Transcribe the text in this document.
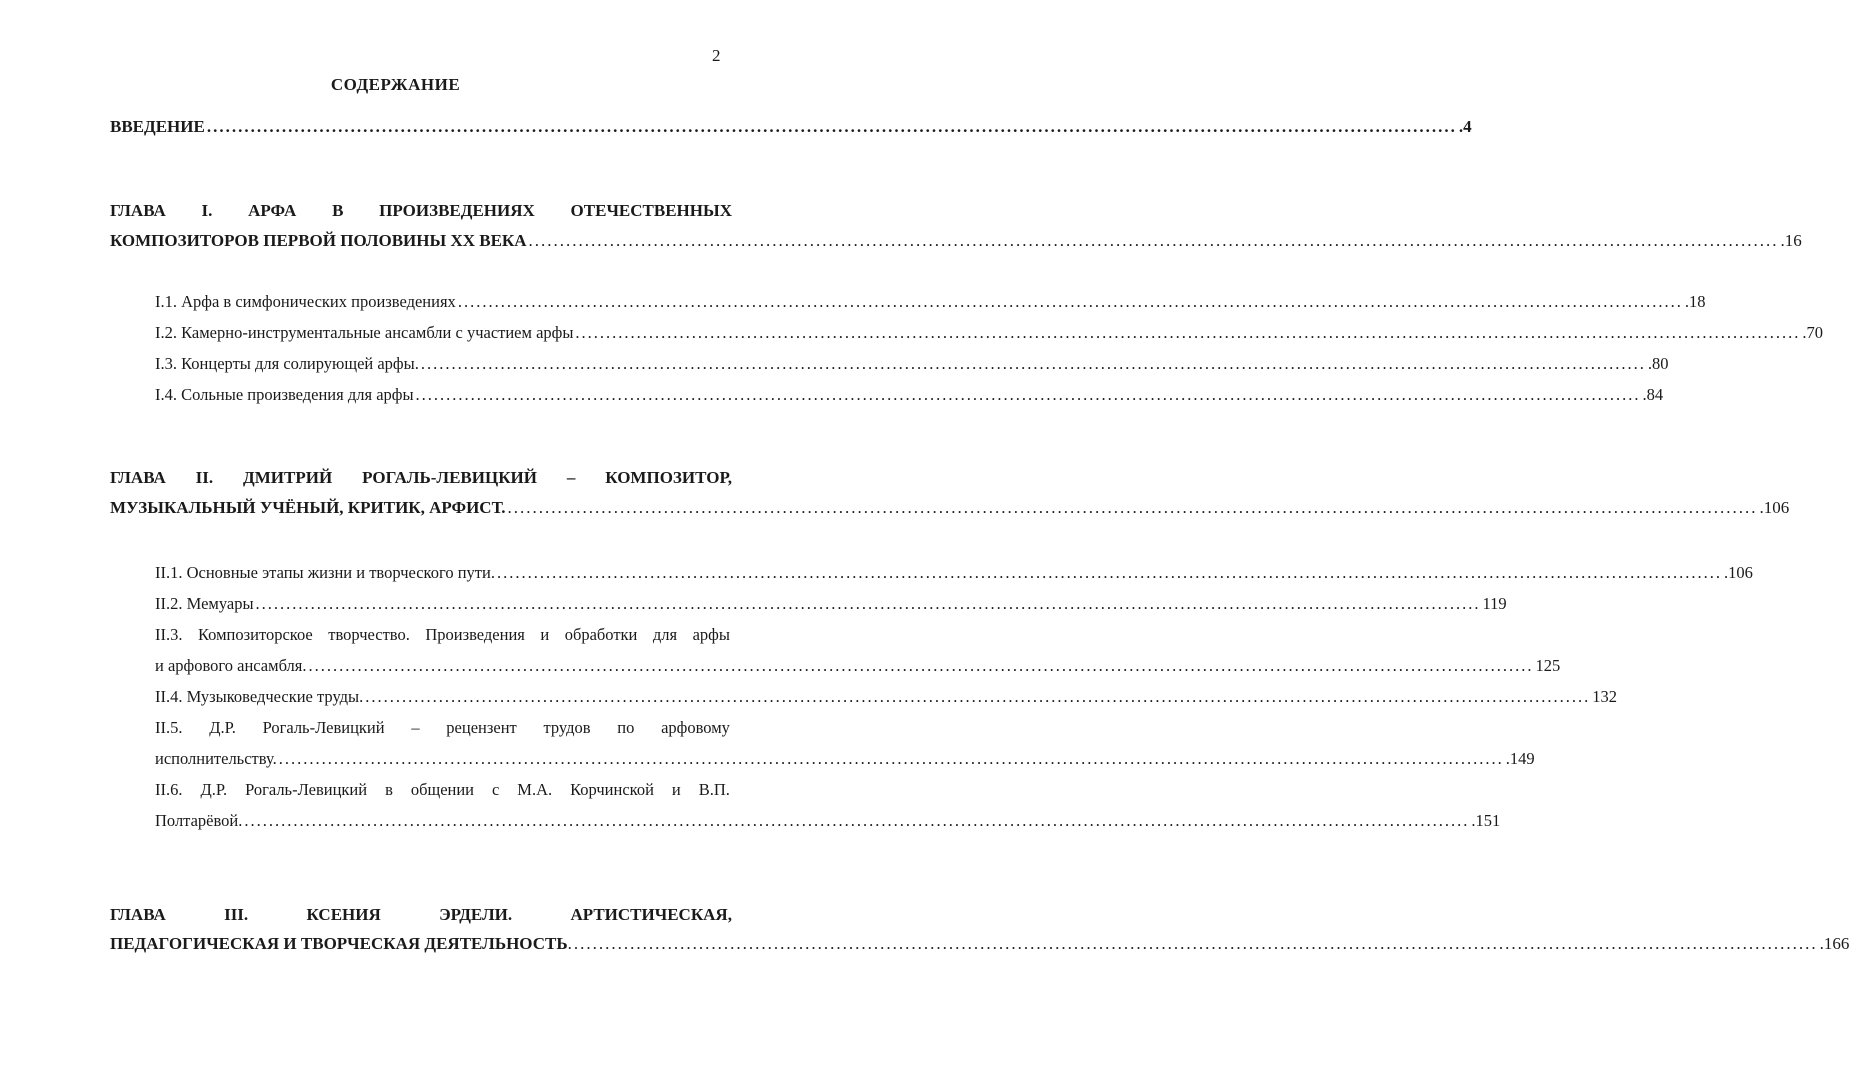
2
СОДЕРЖАНИЕ
ВВЕДЕНИЕ ........................................................................................................................................................................................................ .4
ГЛАВА I. АРФА В ПРОИЗВЕДЕНИЯХ ОТЕЧЕСТВЕННЫХ
КОМПОЗИТОРОВ ПЕРВОЙ ПОЛОВИНЫ XX ВЕКА ........................................................................................................................................................................................................ .16
I.1. Арфа в симфонических произведениях ........................................................................................................................................................................................................ .18
I.2. Камерно-инструментальные ансамбли с участием арфы ........................................................................................................................................................................................................ .70
I.3. Концерты для солирующей арфы. ........................................................................................................................................................................................................ .80
I.4. Сольные произведения для арфы ........................................................................................................................................................................................................ .84
ГЛАВА II. ДМИТРИЙ РОГАЛЬ-ЛЕВИЦКИЙ – КОМПОЗИТОР,
МУЗЫКАЛЬНЫЙ УЧЁНЫЙ, КРИТИК, АРФИСТ. ........................................................................................................................................................................................................ .106
II.1. Основные этапы жизни и творческого пути. ........................................................................................................................................................................................................ .106
II.2. Мемуары ........................................................................................................................................................................................................ 119
II.3. Композиторское творчество. Произведения и обработки для арфы
и арфового ансамбля. ........................................................................................................................................................................................................ 125
II.4. Музыковедческие труды. ........................................................................................................................................................................................................ 132
II.5. Д.Р. Рогаль-Левицкий – рецензент трудов по арфовому
исполнительству. ........................................................................................................................................................................................................ .149
II.6. Д.Р. Рогаль-Левицкий в общении с М.А. Корчинской и В.П.
Полтарёвой. ........................................................................................................................................................................................................ .151
ГЛАВА	III.	КСЕНИЯ	ЭРДЕЛИ.	АРТИСТИЧЕСКАЯ,
ПЕДАГОГИЧЕСКАЯ И ТВОРЧЕСКАЯ ДЕЯТЕЛЬНОСТЬ ........................................................................................................................................................................................................ .166
